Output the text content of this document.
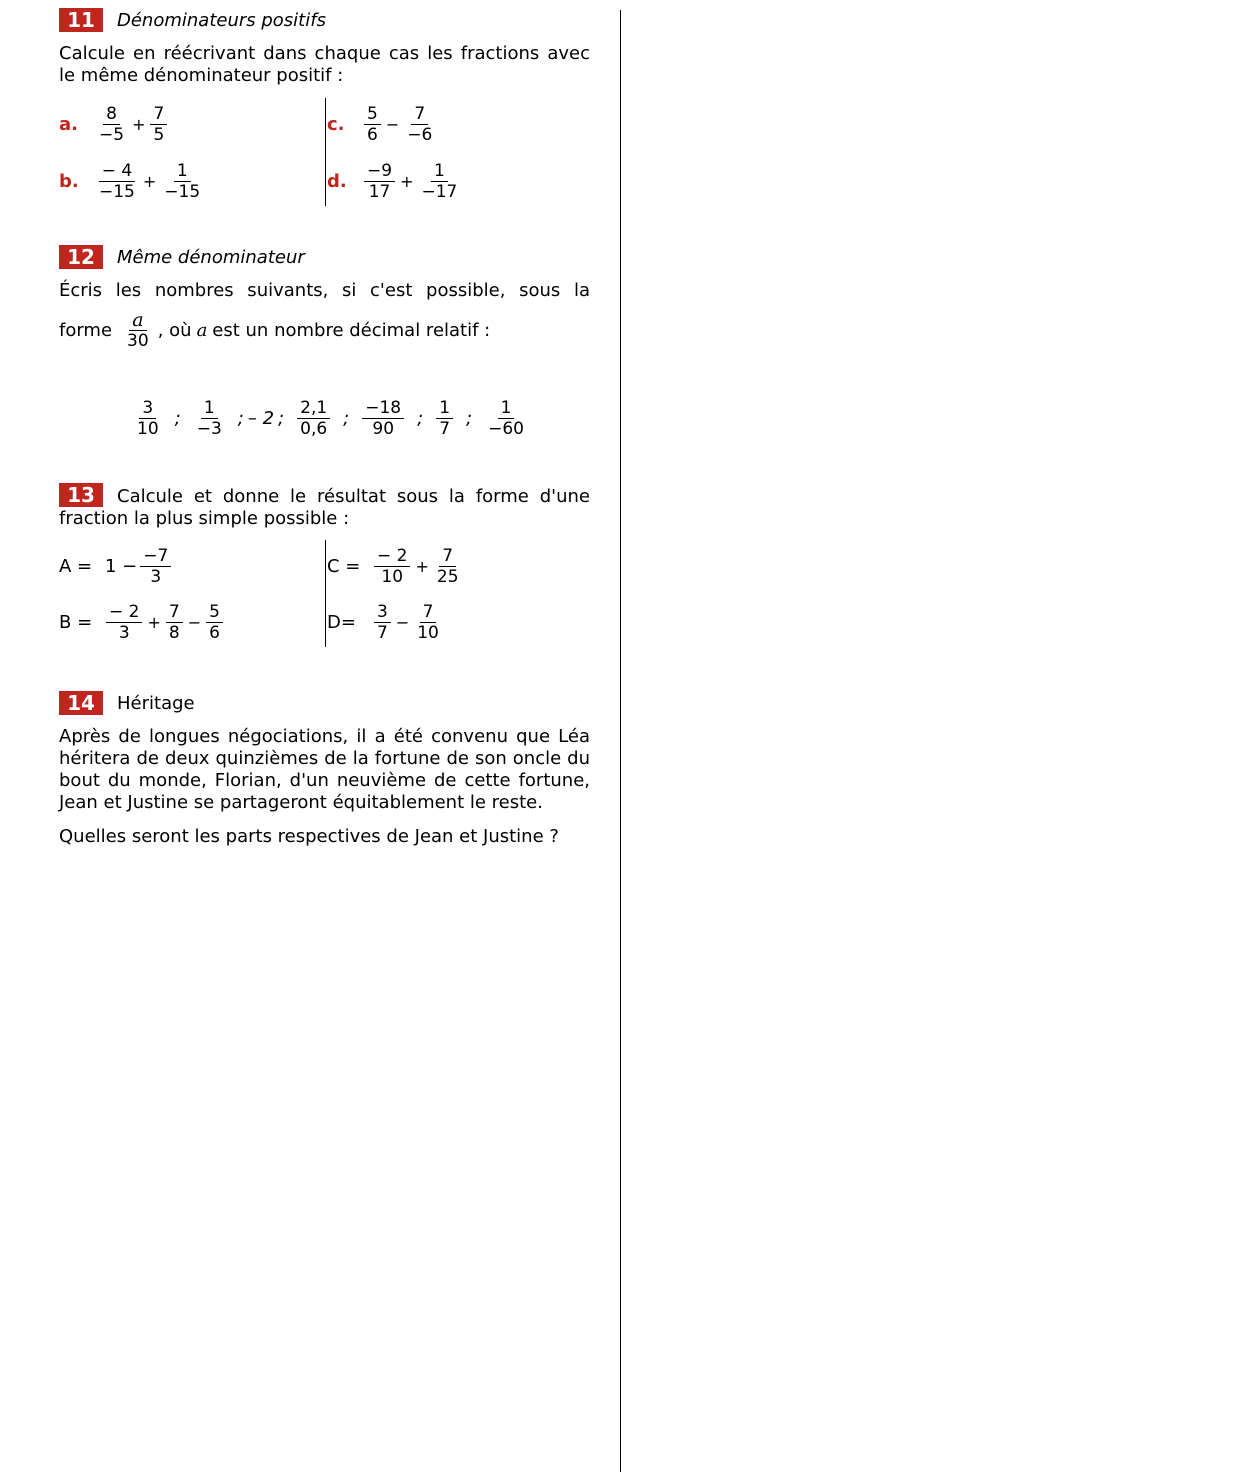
11	Dénominateurs positifs

Calcule en réécrivant dans chaque cas les fractions avec le même dénominateur positif :

a.	$\frac{8}{-5} + \frac{7}{5}$	c.	$\frac{5}{6} - \frac{7}{-6}$
b.	$\frac{- 4}{-15} + \frac{1}{-15}$	d.	$\frac{-9}{17} + \frac{1}{-17}$
12	Même dénominateur

Écris les nombres suivants, si c'est possible, sous la

forme $\frac{a}{30}$ , où a est un nombre décimal relatif :
$\frac{3}{10}$ ; $\frac{1}{-3}$ ; – 2 ; $\frac{2,1}{0,6}$ ; $\frac{-18}{90}$ ; $\frac{1}{7}$ ; $\frac{1}{-60}$

13 Calcule et donne le résultat sous la forme d'une fraction la plus simple possible :

$A = 1 - \frac{-7}{3}$	$C = \frac{- 2}{10} + \frac{7}{25}$
$B = \frac{- 2}{3} + \frac{7}{8} - \frac{5}{6}$	D=	$\frac{3}{7} - \frac{7}{10}$
14	Héritage

Après de longues négociations, il a été convenu que Léa héritera de deux quinzièmes de la fortune de son oncle du bout du monde, Florian, d'un neuvième de cette fortune, Jean et Justine se partageront équitablement le reste.

Quelles seront les parts respectives de Jean et Justine ?
